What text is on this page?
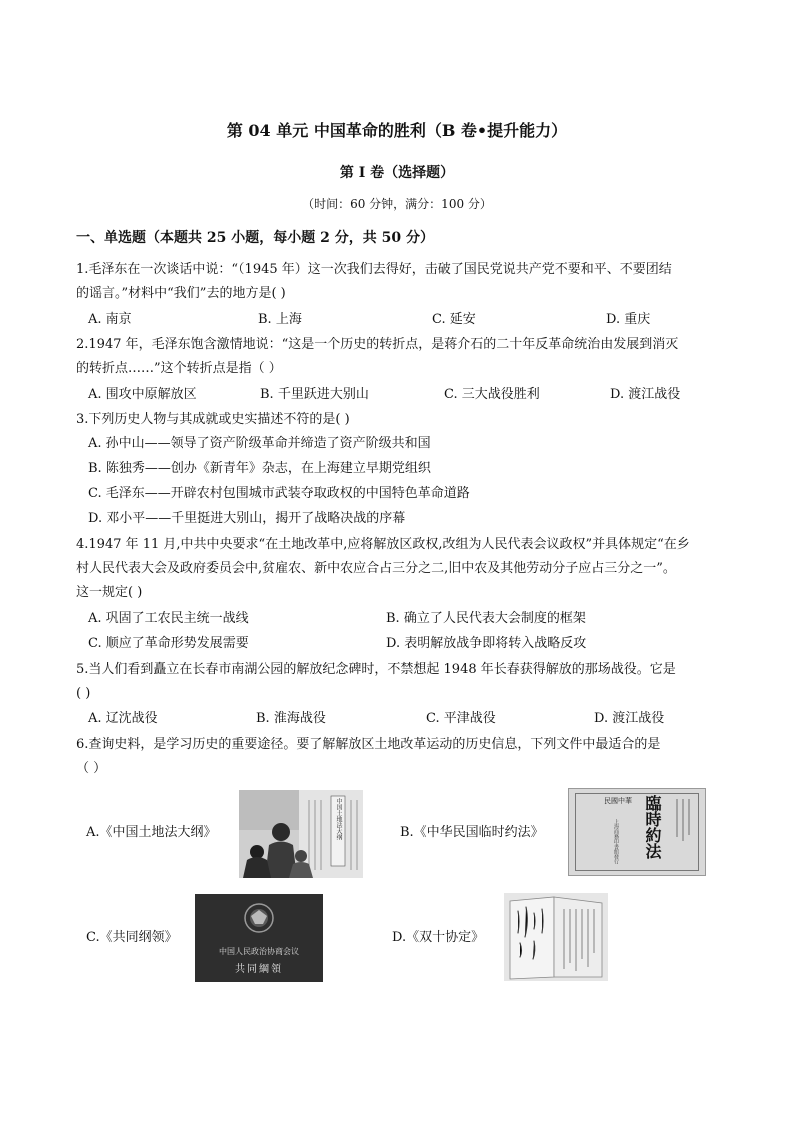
第 04 单元 中国革命的胜利（B 卷•提升能力）
第 I 卷（选择题）
（时间：60 分钟，满分：100 分）
一、单选题（本题共 25 小题，每小题 2 分，共 50 分）
1.毛泽东在一次谈话中说：“（1945 年）这一次我们去得好，击破了国民党说共产党不要和平、不要团结
的谣言。”材料中“我们”去的地方是( )
A. 南京	B. 上海	C. 延安	D. 重庆
2.1947 年，毛泽东饱含激情地说：“这是一个历史的转折点，是蒋介石的二十年反革命统治由发展到消灭
的转折点……”这个转折点是指（ ）
A. 围攻中原解放区	B. 千里跃进大别山	C. 三大战役胜利	D. 渡江战役
3.下列历史人物与其成就或史实描述不符的是( )
A. 孙中山——领导了资产阶级革命并缔造了资产阶级共和国
B. 陈独秀——创办《新青年》杂志，在上海建立早期党组织
C. 毛泽东——开辟农村包围城市武装夺取政权的中国特色革命道路
D. 邓小平——千里挺进大别山，揭开了战略决战的序幕
4.1947 年 11 月,中共中央要求“在土地改革中,应将解放区政权,改组为人民代表会议政权”并具体规定“在乡
村人民代表大会及政府委员会中,贫雇农、新中农应合占三分之二,旧中农及其他劳动分子应占三分之一”。
这一规定( )
A. 巩固了工农民主统一战线	B. 确立了人民代表大会制度的框架
C. 顺应了革命形势发展需要	D. 表明解放战争即将转入战略反攻
5.当人们看到矗立在长春市南湖公园的解放纪念碑时，不禁想起 1948 年长春获得解放的那场战役。它是
( )
A. 辽沈战役	B. 淮海战役	C. 平津战役	D. 渡江战役
6.查询史料，是学习历史的重要途径。要了解解放区土地改革运动的历史信息，下列文件中最适合的是
（ ）
A.《中国土地法大纲》	B.《中华民国临时约法》
C.《共同纲领》	D.《双十协定》
中国土地法大纲	民國中華 臨時約法
上海商務印書館發行
中国人民政治协商会议
共同綱領
